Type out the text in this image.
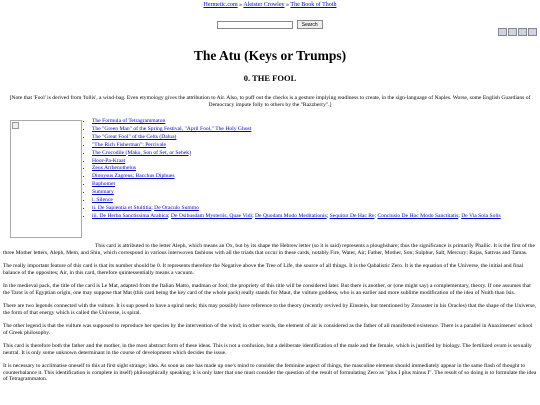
Hermetic.com » Aleister Crowley » The Book of Thoth
Search
The Atu (Keys or Trumps)
0. THE FOOL

[Note that 'Fool' is derived from 'follis', a wind-bag. Even etymology gives the attribution to Air. Also, to puff out the checks is a gesture implying readiness to create, in the sign-language of Naples. Worse, some English Guardians of Democracy impute folly to others by the "Razzberry".]

• The Formula of Tetragrammaton
• The "Green Man" of the Spring Festival, "April Fool," The Holy Ghost
• The "Great Fool" of the Celts (Dalua)
• "The Rich Fisherman": Percivale
• The Crocodile (Mako, Son of Set, or Sebek)
• Hoor-Pa-Kraat
• Zeus Arrhenothelus
• Dionysus Zagreus; Bacchus Diphues
• Baphomet
• Summary
• i. Silence
• ii. De Sapientia et Stultitia; De Oraculo Summo
• iii. De Herba Sanctissima Arabica; De Osibusdam Mysteriis, Quae Vidi; De Quodam Modo Meditationis; Sequitur De Hac Re; Conclusio De Hoc Modo Sanctitatis; De Via Sola Solis

This card is attributed to the letter Aleph, which means an Ox, but by its shape the Hebrew letter (so it is said) represents a ploughshare; thus the significance is primarily Phallic. It is the first of the three Mother letters, Aleph, Mem, and Shin, which correspond in various interwoven fashions with all the triads that occur in these cards, notably Fire, Water, Air; Father, Mother, Son; Sulphur, Salt, Mercury; Rajas, Sattvas and Tamas.

The really important feature of this card is that its number should be 0. It represents therefore the Negative above the Tree of Life, the source of all things. It is the Qabalistic Zero. It is the equation of the Universe, the initial and final balance of the opposites; Air, in this card, therefore quintessentially means a vacuum.

In the medieval pack, the title of the card is Le Mat, adapted from the Italian Matto, madman or fool; the propriety of this title will be considered later. But there is another, or (one might say) a complementary, theory. If one assumes that the Tarot is of Egyptian origin, one may suppose that Mat (this card being the key card of the whole pack) really stands for Maut, the vulture goddess, who is an earlier and more sublime modification of the idea of Nuith than Isis.

There are two legends connected with the vulture. It is sup posed to have a spiral neck; this may possibly have reference to the theory (recently revived by Einstein, but mentioned by Zoroaster in his Oracles) that the shape of the Universe, the form of that energy which is called the Universe, is spiral.

The other legend is that the vulture was supposed to reproduce her species by the intervention of the wind; in other words, the element of air is considered as the father of all manifested existence. There is a parallel in Anaximenes' school of Greek philosophy.

This card is therefore both the father and the mother, in the most abstract form of these ideas. This is not a confusion, but a deliberate identification of the male and the female, which is justified by biology. The fertilized ovum is sexually neutral. It is only some unknown determinant in the course of development which decides the issue.

It is necessary to acclimatise oneself to this at first sight strange; idea. As soon as one has made up one's mind to consider the feminine aspect of things, the masculine element should immediately appear in the same flash of thought to counterbalance it. This identification is complete in itself) philosophically speaking; it is only later that one must consider the question of the result of formulating Zero as "plus I plus minus I". The result of so doing is to formulate the idea of Tetragrammaton.
